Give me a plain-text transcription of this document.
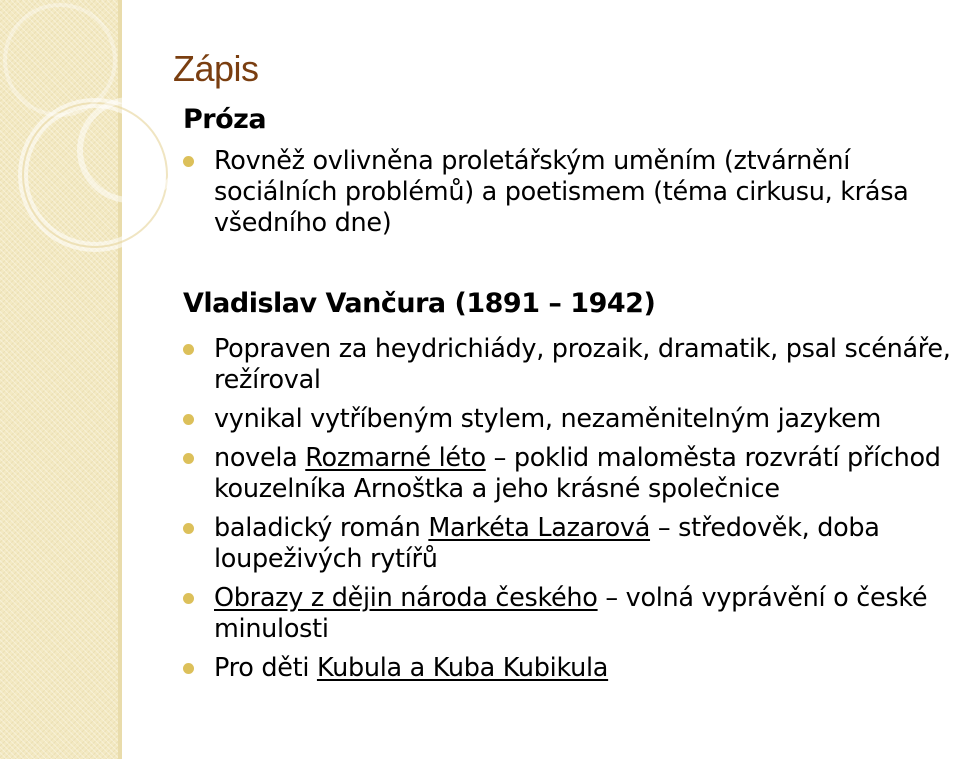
Zápis
Próza
Rovněž ovlivněna proletářským uměním (ztvárnění sociálních problémů) a poetismem (téma cirkusu, krása všedního dne)
Vladislav Vančura (1891 – 1942)
Popraven za heydrichiády, prozaik, dramatik, psal scénáře, režíroval
vynikal vytříbeným stylem, nezaměnitelným jazykem
novela Rozmarné léto – poklid maloměsta rozvrátí příchod kouzelníka Arnoštka a jeho krásné společnice
baladický román Markéta Lazarová – středověk, doba loupeživých rytířů
Obrazy z dějin národa českého – volná vyprávění o české minulosti
Pro děti Kubula a Kuba Kubikula
